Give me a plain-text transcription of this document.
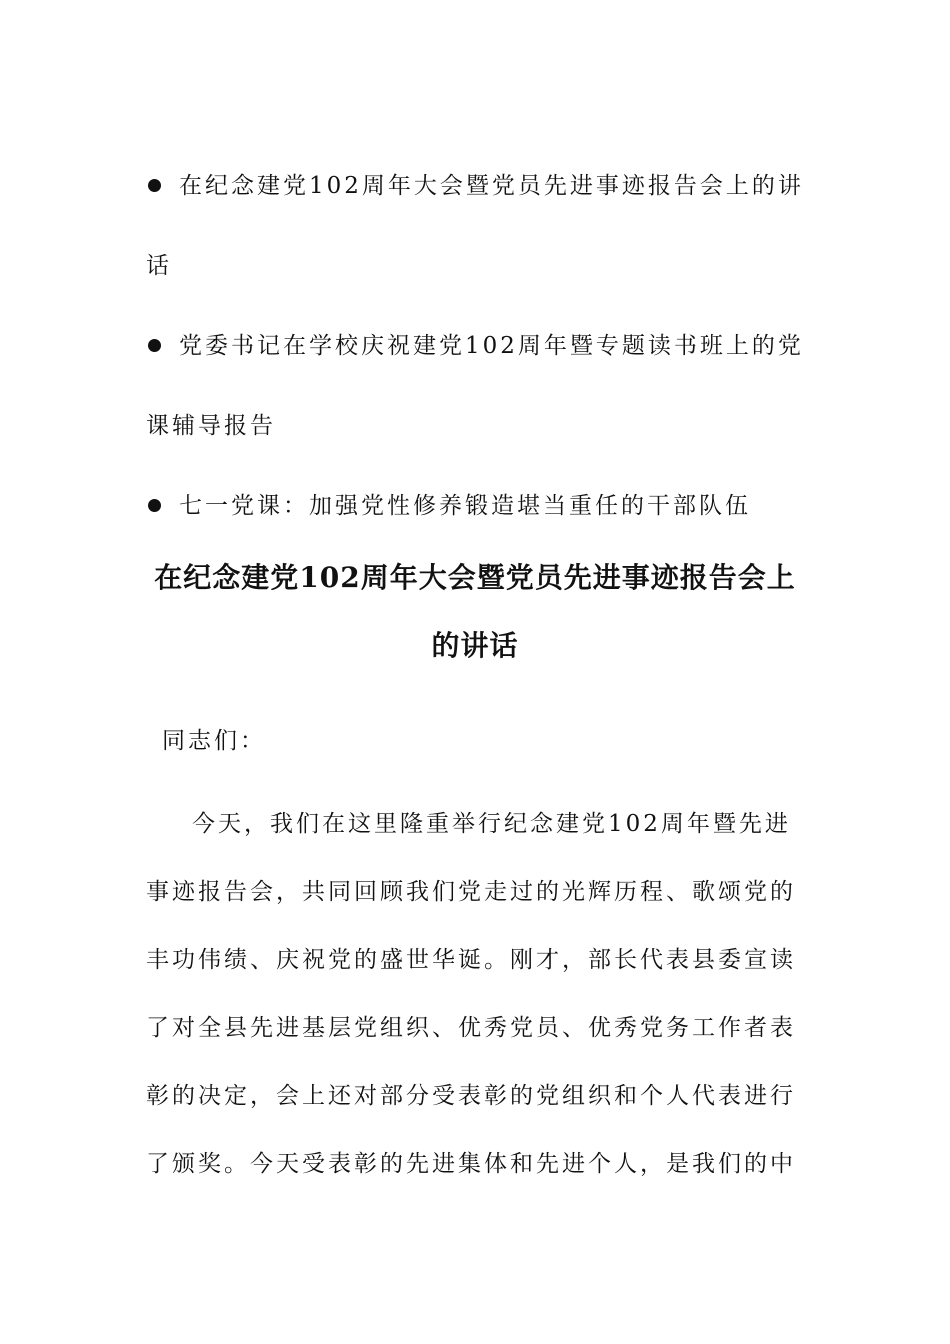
在纪念建党102周年大会暨党员先进事迹报告会上的讲
话
党委书记在学校庆祝建党102周年暨专题读书班上的党
课辅导报告
七一党课：加强党性修养锻造堪当重任的干部队伍
在纪念建党102周年大会暨党员先进事迹报告会上
的讲话

同志们：

今天，我们在这里隆重举行纪念建党102周年暨先进
事迹报告会，共同回顾我们党走过的光辉历程、歌颂党的
丰功伟绩、庆祝党的盛世华诞。刚才，部长代表县委宣读
了对全县先进基层党组织、优秀党员、优秀党务工作者表
彰的决定，会上还对部分受表彰的党组织和个人代表进行
了颁奖。今天受表彰的先进集体和先进个人，是我们的中
